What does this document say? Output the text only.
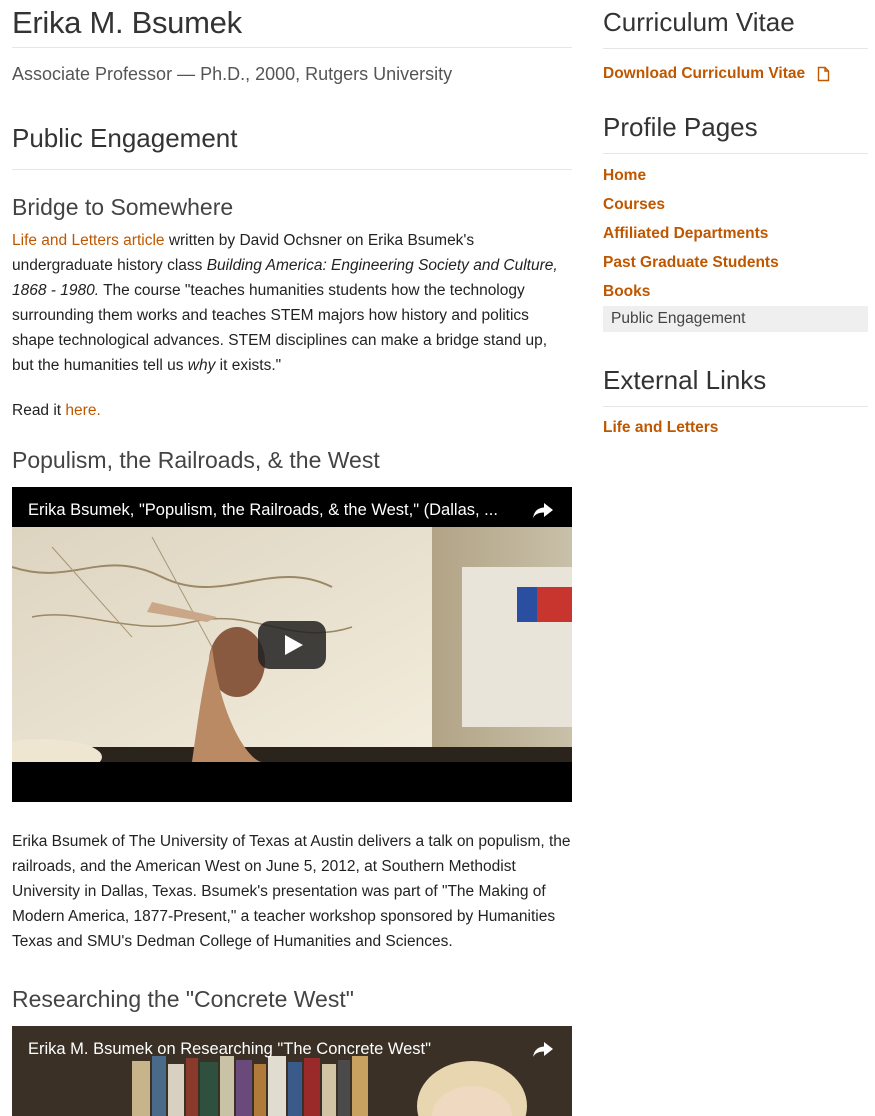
Erika M. Bsumek
Associate Professor — Ph.D., 2000, Rutgers University
Public Engagement
Bridge to Somewhere

Life and Letters article written by David Ochsner on Erika Bsumek's undergraduate history class Building America: Engineering Society and Culture, 1868 - 1980. The course "teaches humanities students how the technology surrounding them works and teaches STEM majors how history and politics shape technological advances. STEM disciplines can make a bridge stand up, but the humanities tell us why it exists."

Read it here.

Populism, the Railroads, & the West
Erika Bsumek, "Populism, the Railroads, & the West," (Dallas, ...

Erika Bsumek of The University of Texas at Austin delivers a talk on populism, the railroads, and the American West on June 5, 2012, at Southern Methodist University in Dallas, Texas. Bsumek's presentation was part of "The Making of Modern America, 1877-Present," a teacher workshop sponsored by Humanities Texas and SMU's Dedman College of Humanities and Sciences.

Researching the "Concrete West"
Erika M. Bsumek on Researching "The Concrete West"
Curriculum Vitae
Download Curriculum Vitae
Profile Pages
Home
Courses
Affiliated Departments
Past Graduate Students
Books
Public Engagement
External Links
Life and Letters
